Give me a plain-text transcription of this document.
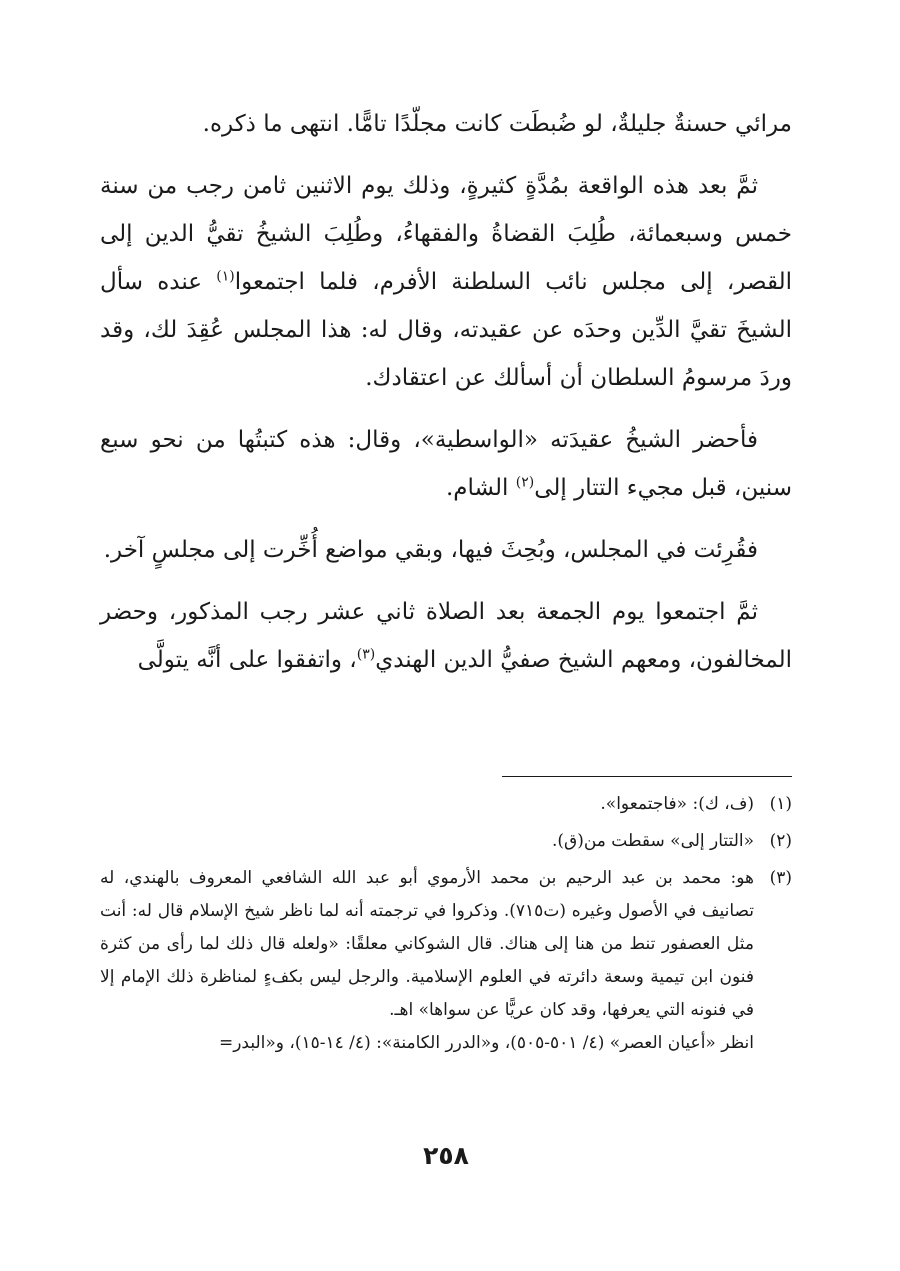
مرائي حسنةٌ جليلةٌ، لو ضُبطَت كانت مجلّدًا تامًّا. انتهى ما ذكره.

ثمَّ بعد هذه الواقعة بمُدَّةٍ كثيرةٍ، وذلك يوم الاثنين ثامن رجب من سنة خمس وسبعمائة، طُلِبَ القضاةُ والفقهاءُ، وطُلِبَ الشيخُ تقيُّ الدين إلى القصر، إلى مجلس نائب السلطنة الأفرم، فلما اجتمعوا$^{(١)}$ عنده سأل الشيخَ تقيَّ الدِّين وحدَه عن عقيدته، وقال له: هذا المجلس عُقِدَ لك، وقد وردَ مرسومُ السلطان أن أسألك عن اعتقادك.

فأحضر الشيخُ عقيدَته «الواسطية»، وقال: هذه كتبتُها من نحو سبع سنين، قبل مجيء التتار إلى$^{(٢)}$ الشام.

فقُرِئت في المجلس، وبُحِثَ فيها، وبقي مواضع أُخِّرت إلى مجلسٍ آخر.

ثمَّ اجتمعوا يوم الجمعة بعد الصلاة ثاني عشر رجب المذكور، وحضر المخالفون، ومعهم الشيخ صفيُّ الدين الهندي$^{(٣)}$، واتفقوا على أنَّه يتولَّى

(١)
(ف، ك): «فاجتمعوا».
(٢)
«التتار إلى» سقطت من(ق).
(٣)
هو: محمد بن عبد الرحيم بن محمد الأرموي أبو عبد الله الشافعي المعروف بالهندي، له تصانيف في الأصول وغيره (ت٧١٥). وذكروا في ترجمته أنه لما ناظر شيخ الإسلام قال له: أنت مثل العصفور تنط من هنا إلى هناك. قال الشوكاني معلقًا: «ولعله قال ذلك لما رأى من كثرة فنون ابن تيمية وسعة دائرته في العلوم الإسلامية. والرجل ليس بكفءٍ لمناظرة ذلك الإمام إلا في فنونه التي يعرفها، وقد كان عريًّا عن سواها» اهـ.
انظر «أعيان العصر» (٤/ ٥٠١-٥٠٥)، و«الدرر الكامنة»: (٤/ ١٤-١٥)، و«البدر=
٢٥٨
